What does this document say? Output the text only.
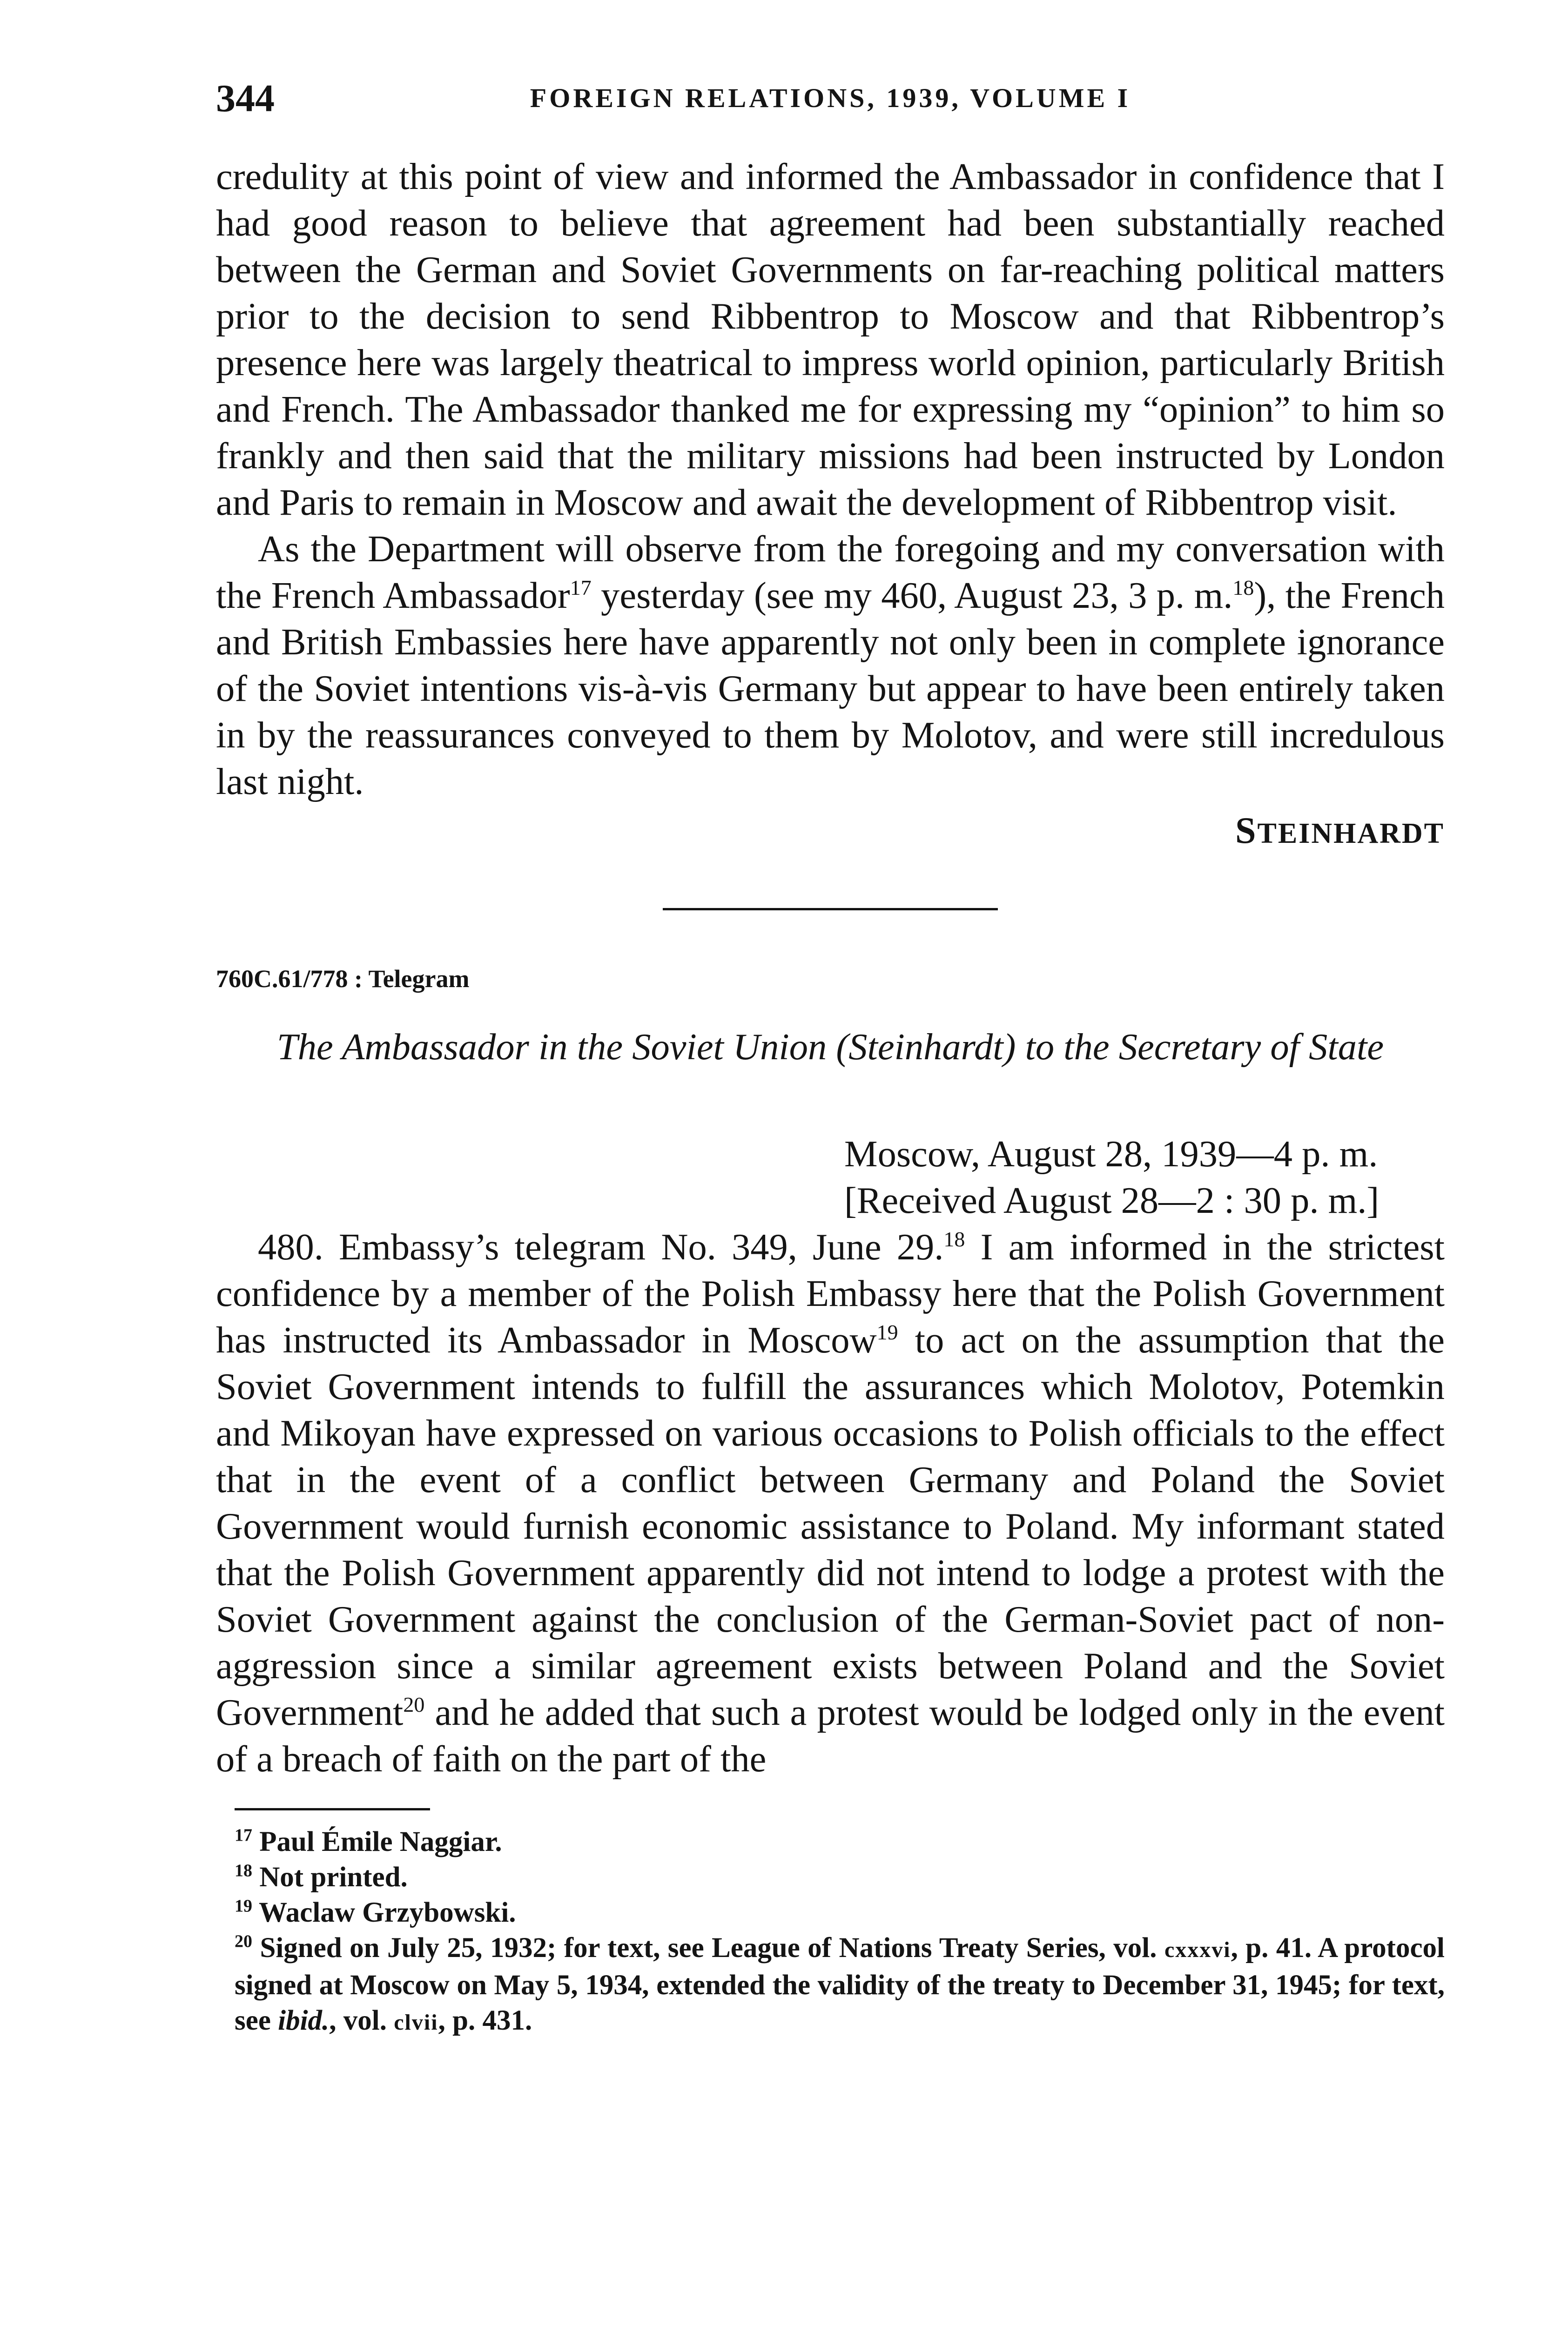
344	FOREIGN RELATIONS, 1939, VOLUME I

credulity at this point of view and informed the Ambassador in confidence that I had good reason to believe that agreement had been substantially reached between the German and Soviet Governments on far-reaching political matters prior to the decision to send Ribbentrop to Moscow and that Ribbentrop’s presence here was largely theatrical to impress world opinion, particularly British and French. The Ambassador thanked me for expressing my “opinion” to him so frankly and then said that the military missions had been instructed by London and Paris to remain in Moscow and await the development of Ribbentrop visit.

As the Department will observe from the foregoing and my conversation with the French Ambassador$^{17}$ yesterday (see my 460, August 23, 3 p. m.$^{18}$), the French and British Embassies here have apparently not only been in complete ignorance of the Soviet intentions vis-à-vis Germany but appear to have been entirely taken in by the reassurances conveyed to them by Molotov, and were still incredulous last night.

STEINHARDT
760C.61/778 : Telegram
The Ambassador in the Soviet Union (Steinhardt) to the Secretary of State
Moscow, August 28, 1939—4 p. m.
[Received August 28—2 : 30 p. m.]

480. Embassy’s telegram No. 349, June 29.18 I am informed in the strictest confidence by a member of the Polish Embassy here that the Polish Government has instructed its Ambassador in Moscow$^{19}$ to act on the assumption that the Soviet Government intends to fulfill the assurances which Molotov, Potemkin and Mikoyan have expressed on various occasions to Polish officials to the effect that in the event of a conflict between Germany and Poland the Soviet Government would furnish economic assistance to Poland. My informant stated that the Polish Government apparently did not intend to lodge a protest with the Soviet Government against the conclusion of the German-Soviet pact of non-aggression since a similar agreement exists between Poland and the Soviet Government$^{20}$ and he added that such a protest would be lodged only in the event of a breach of faith on the part of the

$^{17}$ Paul Émile Naggiar.

$^{18}$ Not printed.

$^{19}$ Waclaw Grzybowski.

$^{20}$ Signed on July 25, 1932; for text, see League of Nations Treaty Series, vol. cxxxvi, p. 41. A protocol signed at Moscow on May 5, 1934, extended the validity of the treaty to December 31, 1945; for text, see ibid., vol. clvii, p. 431.
